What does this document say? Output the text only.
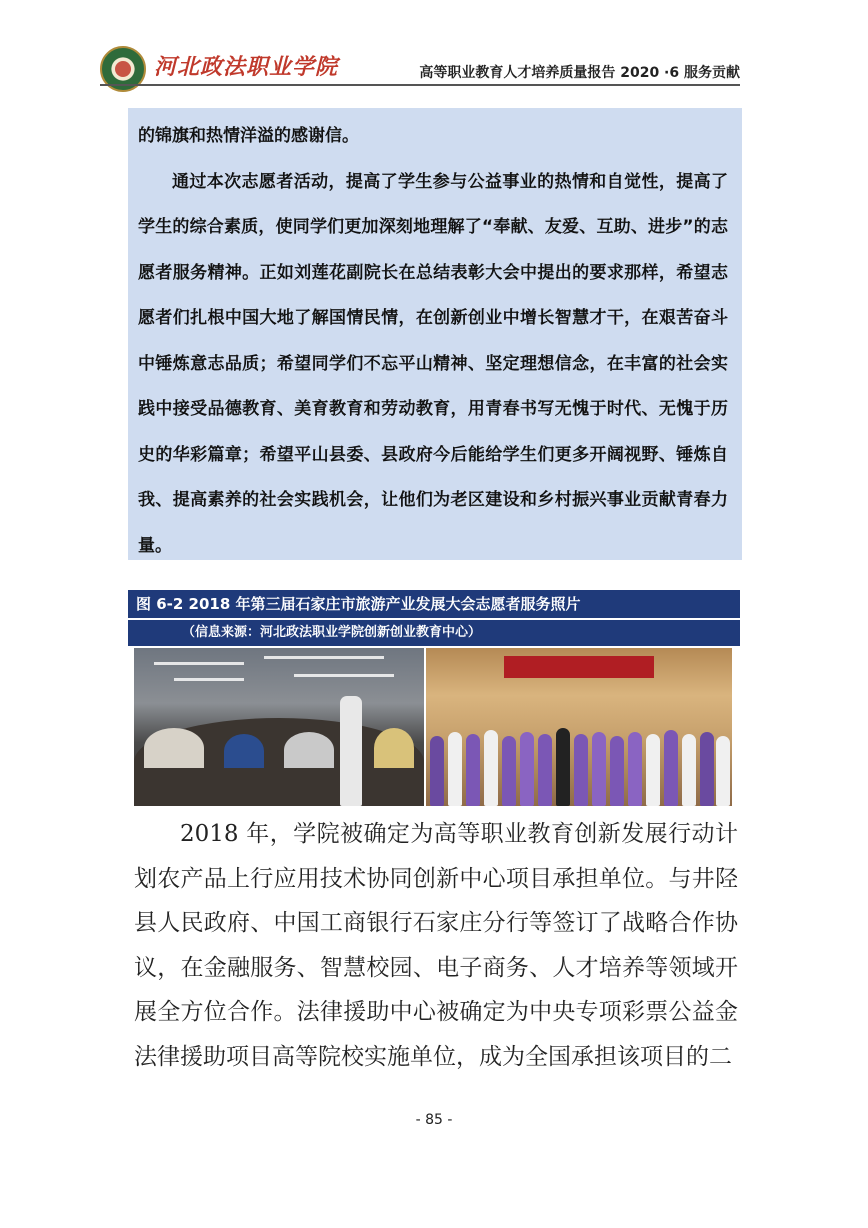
河北政法职业学院	高等职业教育人才培养质量报告 2020 ·6 服务贡献

的锦旗和热情洋溢的感谢信。

通过本次志愿者活动，提高了学生参与公益事业的热情和自觉性，提高了学生的综合素质，使同学们更加深刻地理解了“奉献、友爱、互助、进步”的志愿者服务精神。正如刘莲花副院长在总结表彰大会中提出的要求那样，希望志愿者们扎根中国大地了解国情民情，在创新创业中增长智慧才干，在艰苦奋斗中锤炼意志品质；希望同学们不忘平山精神、坚定理想信念，在丰富的社会实践中接受品德教育、美育教育和劳动教育，用青春书写无愧于时代、无愧于历史的华彩篇章；希望平山县委、县政府今后能给学生们更多开阔视野、锤炼自我、提高素养的社会实践机会，让他们为老区建设和乡村振兴事业贡献青春力量。

图 6-2 2018 年第三届石家庄市旅游产业发展大会志愿者服务照片
（信息来源：河北政法职业学院创新创业教育中心）

2018 年，学院被确定为高等职业教育创新发展行动计划农产品上行应用技术协同创新中心项目承担单位。与井陉县人民政府、中国工商银行石家庄分行等签订了战略合作协议，在金融服务、智慧校园、电子商务、人才培养等领域开展全方位合作。法律援助中心被确定为中央专项彩票公益金法律援助项目高等院校实施单位，成为全国承担该项目的二

- 85 -
